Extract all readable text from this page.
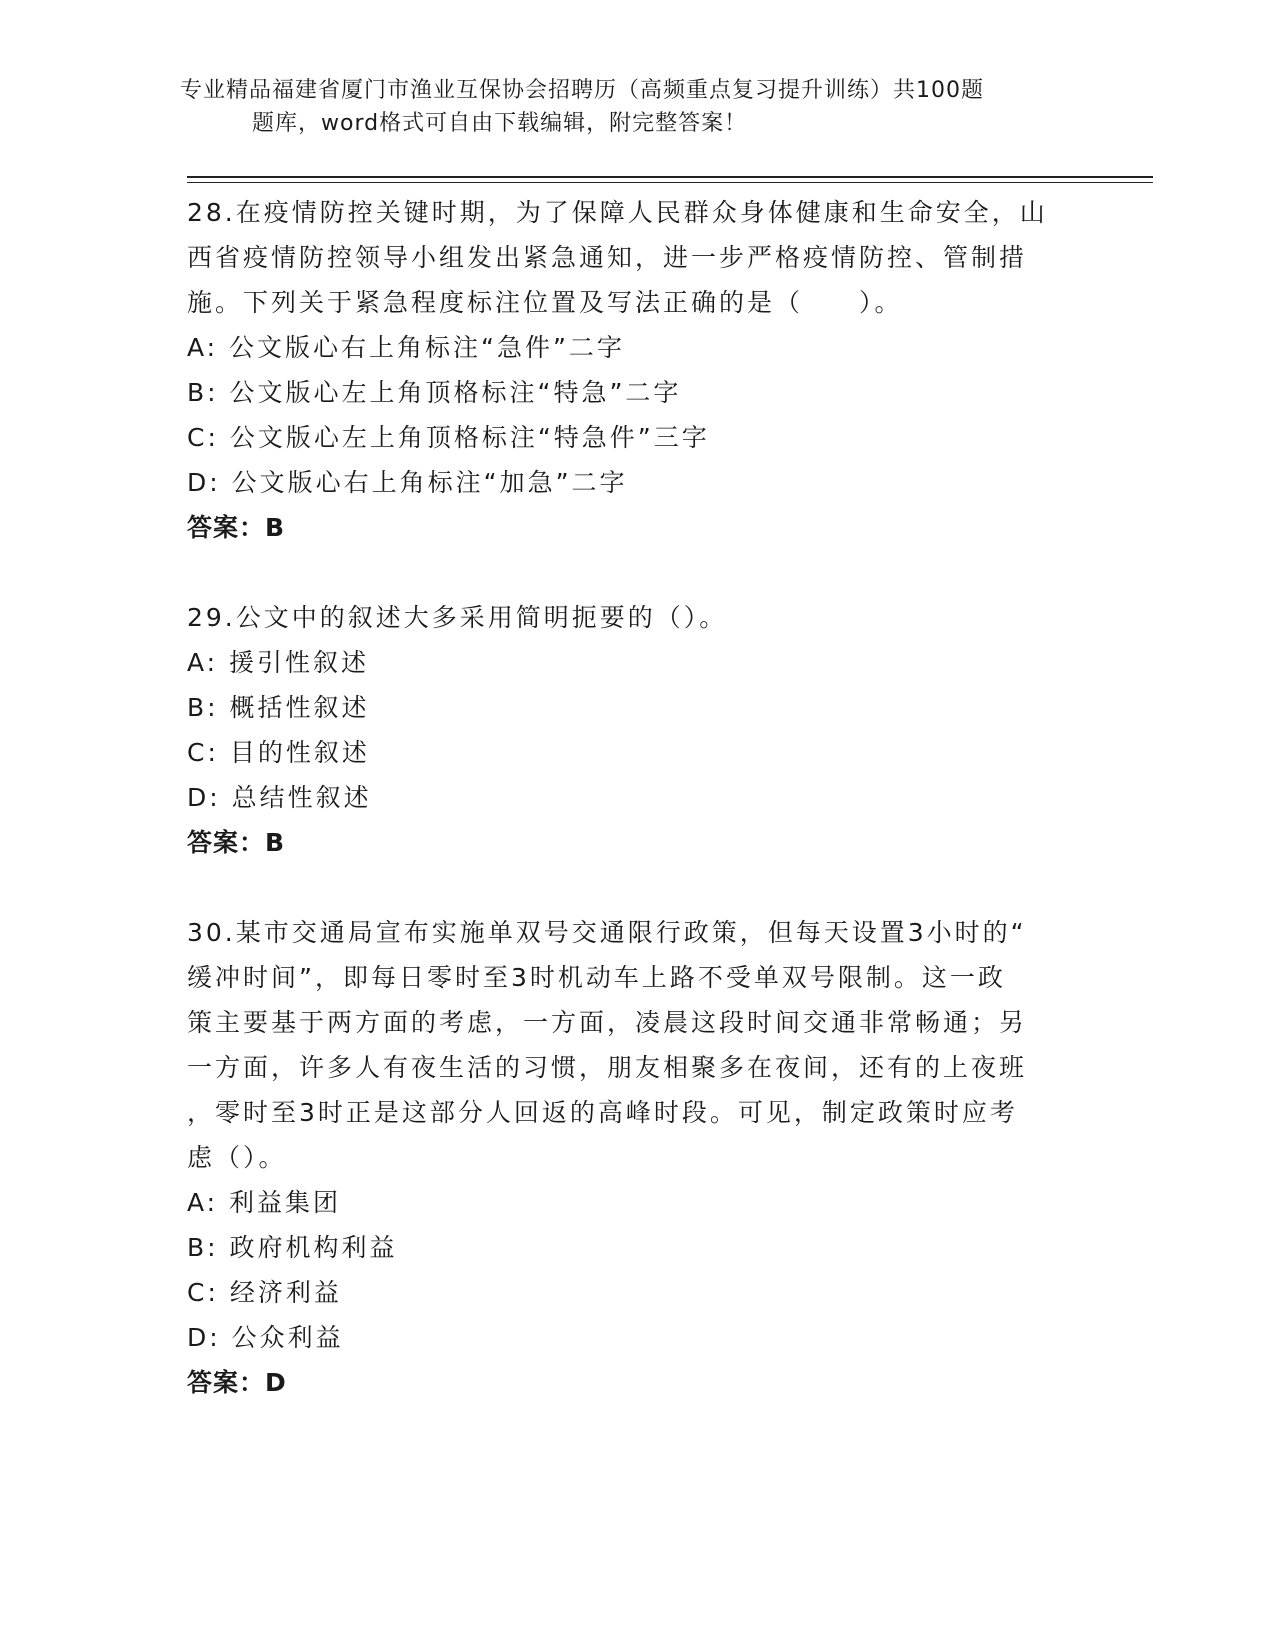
专业精品福建省厦门市渔业互保协会招聘历（高频重点复习提升训练）共100题
题库，word格式可自由下载编辑，附完整答案！
28.在疫情防控关键时期，为了保障人民群众身体健康和生命安全，山
西省疫情防控领导小组发出紧急通知，进一步严格疫情防控、管制措
施。下列关于紧急程度标注位置及写法正确的是（　　）。
A: 公文版心右上角标注“急件”二字
B: 公文版心左上角顶格标注“特急”二字
C: 公文版心左上角顶格标注“特急件”三字
D: 公文版心右上角标注“加急”二字
答案：B
29.公文中的叙述大多采用简明扼要的（）。
A: 援引性叙述
B: 概括性叙述
C: 目的性叙述
D: 总结性叙述
答案：B
30.某市交通局宣布实施单双号交通限行政策，但每天设置3小时的“
缓冲时间”，即每日零时至3时机动车上路不受单双号限制。这一政
策主要基于两方面的考虑，一方面，凌晨这段时间交通非常畅通；另
一方面，许多人有夜生活的习惯，朋友相聚多在夜间，还有的上夜班
，零时至3时正是这部分人回返的高峰时段。可见，制定政策时应考
虑（）。
A: 利益集团
B: 政府机构利益
C: 经济利益
D: 公众利益
答案：D
